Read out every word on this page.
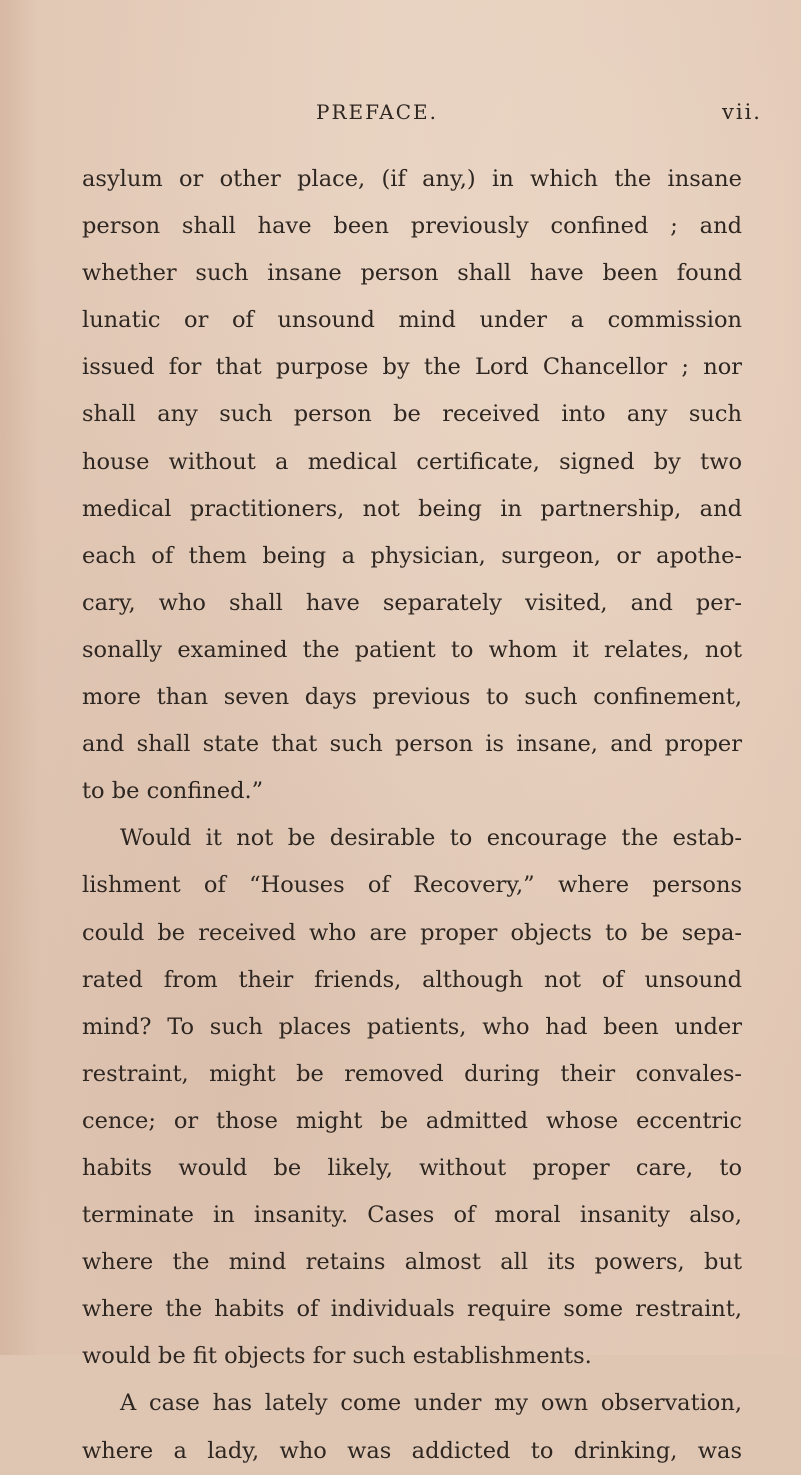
PREFACE.	vii.
asylum or other place, (if any,) in which the insane
person shall have been previously confined ; and
whether such insane person shall have been found
lunatic or of unsound mind under a commission
issued for that purpose by the Lord Chancellor ; nor
shall any such person be received into any such
house without a medical certificate, signed by two
medical practitioners, not being in partnership, and
each of them being a physician, surgeon, or apothe-
cary, who shall have separately visited, and per-
sonally examined the patient to whom it relates, not
more than seven days previous to such confinement,
and shall state that such person is insane, and proper
to be confined.”
Would it not be desirable to encourage the estab-
lishment of “Houses of Recovery,” where persons
could be received who are proper objects to be sepa-
rated from their friends, although not of unsound
mind? To such places patients, who had been under
restraint, might be removed during their convales-
cence; or those might be admitted whose eccentric
habits would be likely, without proper care, to
terminate in insanity. Cases of moral insanity also,
where the mind retains almost all its powers, but
where the habits of individuals require some restraint,
would be fit objects for such establishments.
A case has lately come under my own observation,
where a lady, who was addicted to drinking, was
